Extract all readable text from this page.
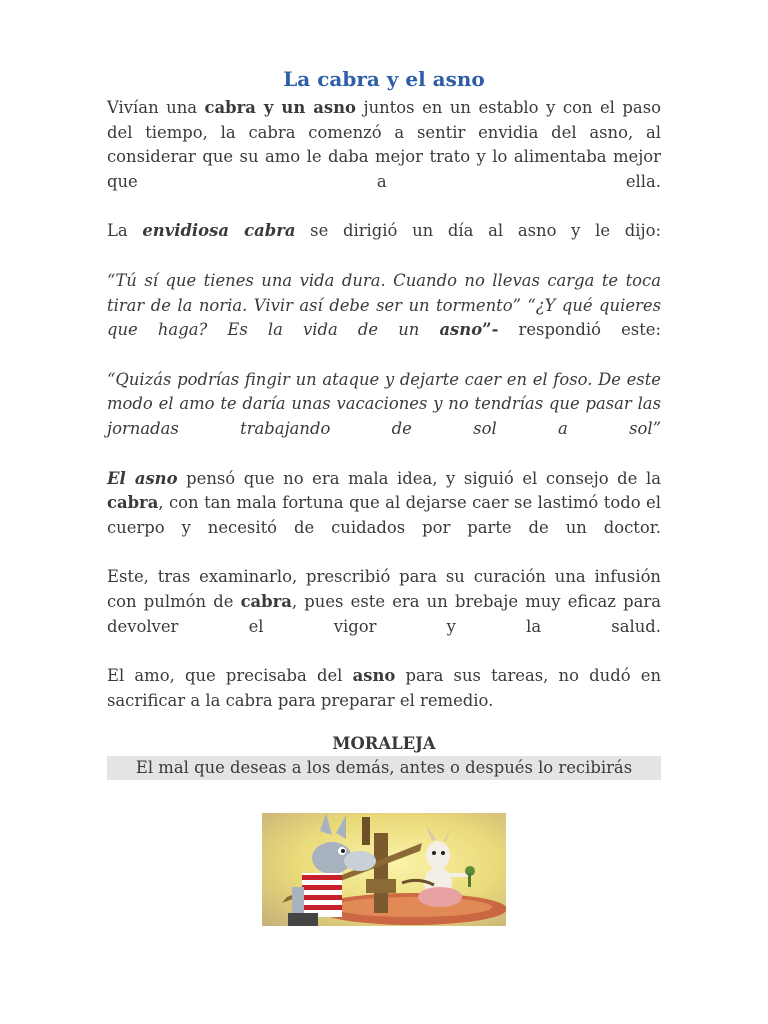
La cabra y el asno

Vivían una cabra y un asno juntos en un establo y con el paso del tiempo, la cabra comenzó a sentir envidia del asno, al considerar que su amo le daba mejor trato y lo alimentaba mejor que a ella.

La envidiosa cabra se dirigió un día al asno y le dijo:

“Tú sí que tienes una vida dura. Cuando no llevas carga te toca tirar de la noria. Vivir así debe ser un tormento” “¿Y qué quieres que haga? Es la vida de un asno”- respondió este:

“Quizás podrías fingir un ataque y dejarte caer en el foso. De este modo el amo te daría unas vacaciones y no tendrías que pasar las jornadas trabajando de sol a sol”

El asno pensó que no era mala idea, y siguió el consejo de la cabra, con tan mala fortuna que al dejarse caer se lastimó todo el cuerpo y necesitó de cuidados por parte de un doctor.

Este, tras examinarlo, prescribió para su curación una infusión con pulmón de cabra, pues este era un brebaje muy eficaz para devolver el vigor y la salud.

El amo, que precisaba del asno para sus tareas, no dudó en sacrificar a la cabra para preparar el remedio.

MORALEJA
El mal que deseas a los demás, antes o después lo recibirás
